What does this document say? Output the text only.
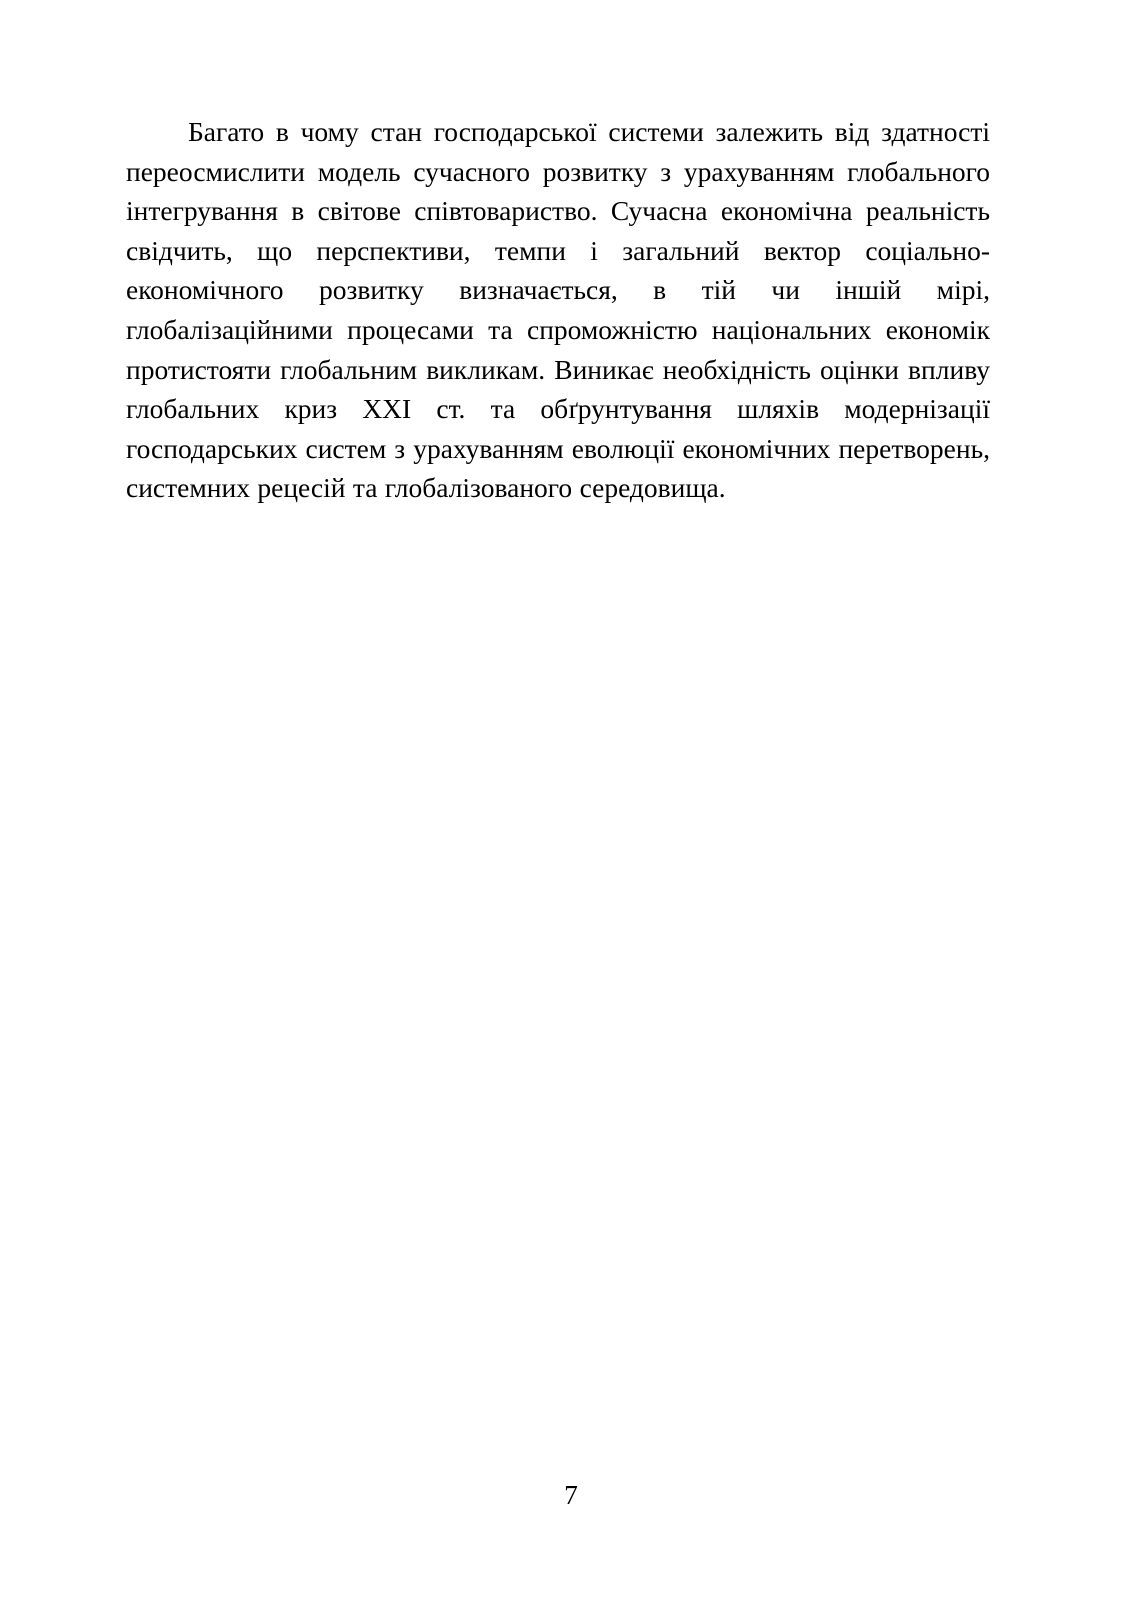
Багато в чому стан господарської системи залежить від здатності переосмислити модель сучасного розвитку з урахуванням глобального інтегрування в світове співтовариство. Сучасна економічна реальність свідчить, що перспективи, темпи і загальний вектор соціально-економічного розвитку визначається, в тій чи іншій мірі, глобалізаційними процесами та спроможністю національних економік протистояти глобальним викликам. Виникає необхідність оцінки впливу глобальних криз XXI ст. та обґрунтування шляхів модернізації господарських систем з урахуванням еволюції економічних перетворень, системних рецесій та глобалізованого середовища.

7
